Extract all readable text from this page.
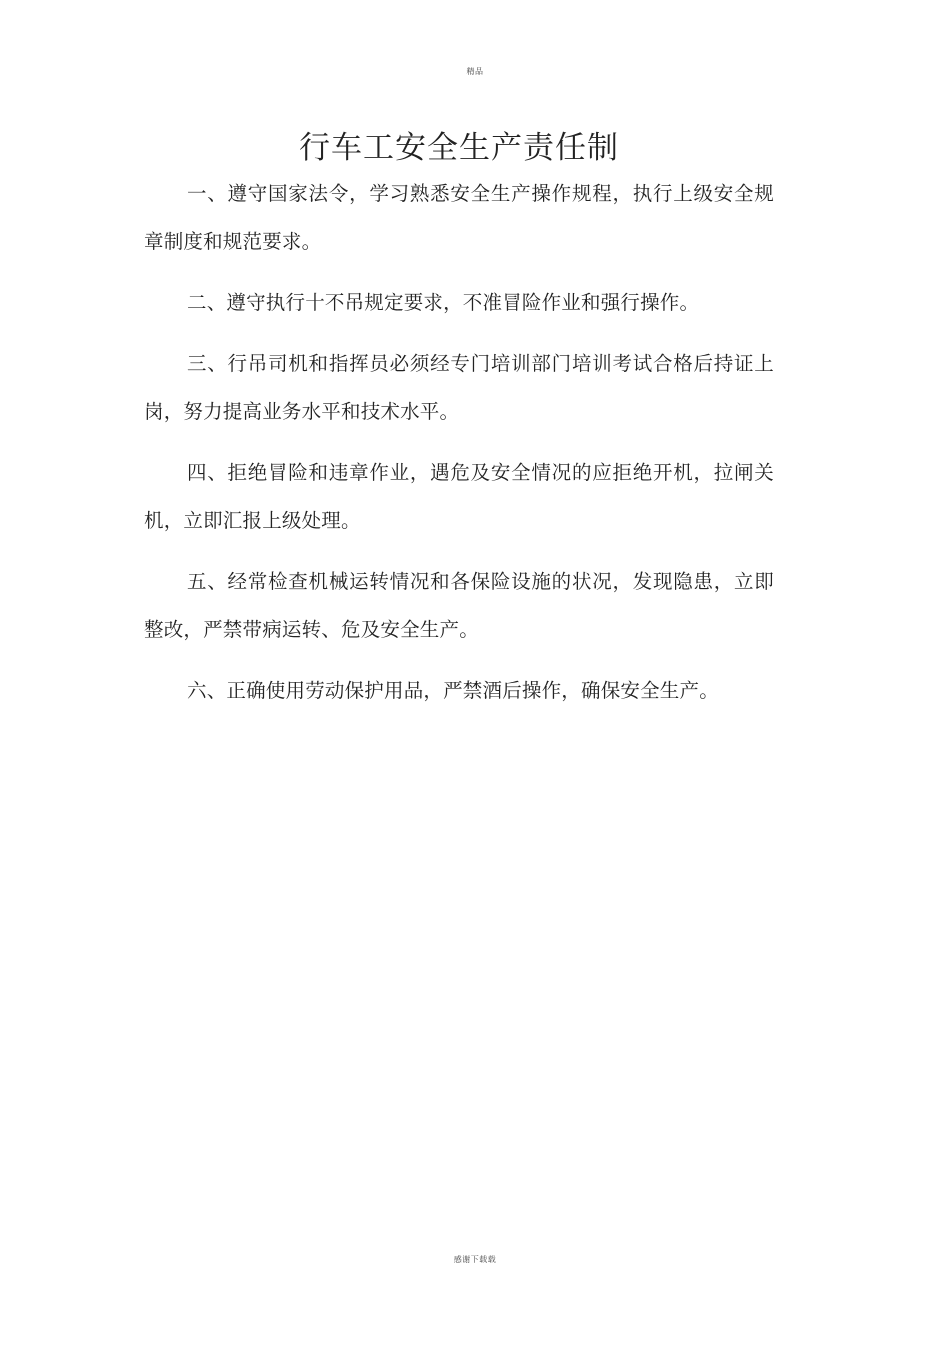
精品
行车工安全生产责任制

一、遵守国家法令，学习熟悉安全生产操作规程，执行上级安全规章制度和规范要求。

二、遵守执行十不吊规定要求，不准冒险作业和强行操作。

三、行吊司机和指挥员必须经专门培训部门培训考试合格后持证上岗，努力提高业务水平和技术水平。

四、拒绝冒险和违章作业，遇危及安全情况的应拒绝开机，拉闸关机，立即汇报上级处理。

五、经常检查机械运转情况和各保险设施的状况，发现隐患，立即整改，严禁带病运转、危及安全生产。

六、正确使用劳动保护用品，严禁酒后操作，确保安全生产。

感谢下载载
